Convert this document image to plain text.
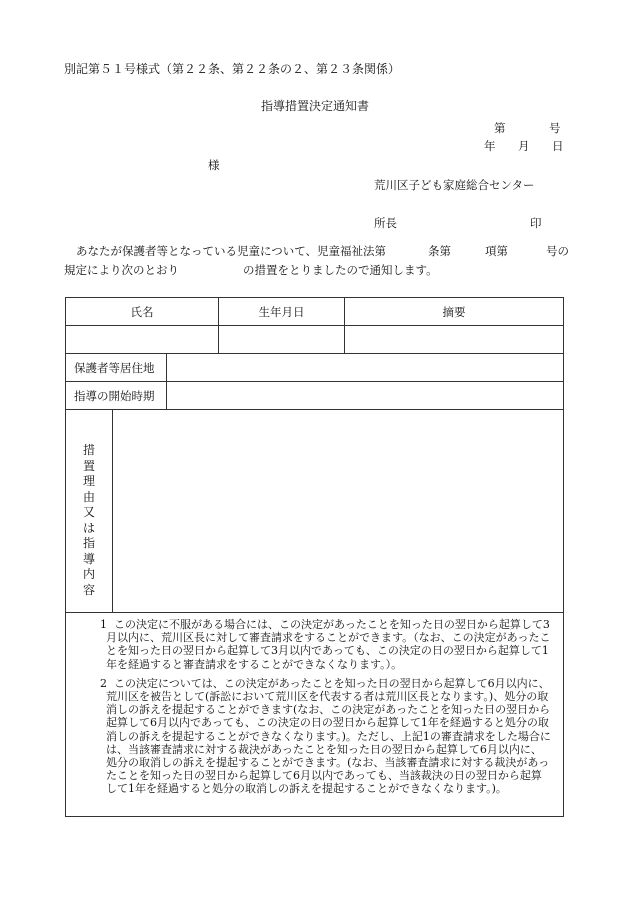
別記第５１号様式（第２２条、第２２条の２、第２３条関係）
指導措置決定通知書
第	号
年 月 日
様
荒川区子ども家庭総合センター
所長	印
あなたが保護者等となっている児童について、児童福祉法第	条第	項第	号の
規定により次のとおり	の措置をとりましたので通知します。
氏名	生年月日	摘要
保護者等居住地
指導の開始時期
措
置
理
由
又
は
指
導
内
容
1 この決定に不服がある場合には、この決定があったことを知った日の翌日から起算して3月以内に、荒川区長に対して審査請求をすることができます。（なお、この決定があったことを知った日の翌日から起算して3月以内であっても、この決定の日の翌日から起算して1年を経過すると審査請求をすることができなくなります。）。
2 この決定については、この決定があったことを知った日の翌日から起算して6月以内に、荒川区を被告として(訴訟において荒川区を代表する者は荒川区長となります。)、処分の取消しの訴えを提起することができます(なお、この決定があったことを知った日の翌日から起算して6月以内であっても、この決定の日の翌日から起算して1年を経過すると処分の取消しの訴えを提起することができなくなります。)。ただし、上記1の審査請求をした場合には、当該審査請求に対する裁決があったことを知った日の翌日から起算して6月以内に、処分の取消しの訴えを提起することができます。(なお、当該審査請求に対する裁決があったことを知った日の翌日から起算して6月以内であっても、当該裁決の日の翌日から起算して1年を経過すると処分の取消しの訴えを提起することができなくなります。)。
